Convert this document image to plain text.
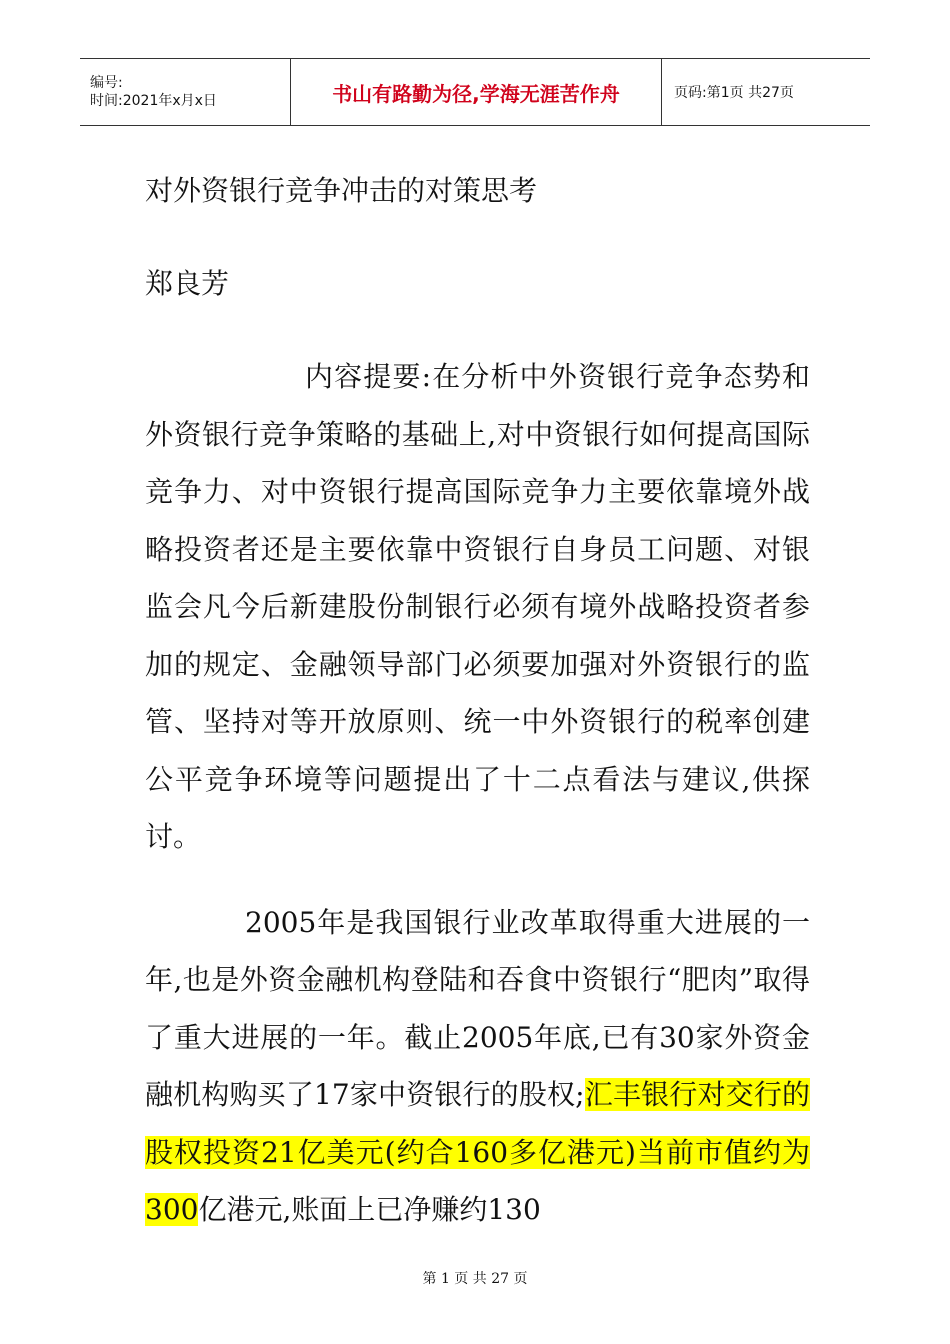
编号:
时间:2021年x月x日	书山有路勤为径,学海无涯苦作舟	页码:第1页 共27页
对外资银行竞争冲击的对策思考

郑良芳

内容提要:在分析中外资银行竞争态势和外资银行竞争策略的基础上,对中资银行如何提高国际竞争力、对中资银行提高国际竞争力主要依靠境外战略投资者还是主要依靠中资银行自身员工问题、对银监会凡今后新建股份制银行必须有境外战略投资者参加的规定、金融领导部门必须要加强对外资银行的监管、坚持对等开放原则、统一中外资银行的税率创建公平竞争环境等问题提出了十二点看法与建议,供探讨。

2005年是我国银行业改革取得重大进展的一年,也是外资金融机构登陆和吞食中资银行“肥肉”取得了重大进展的一年。截止2005年底,已有30家外资金融机构购买了17家中资银行的股权;汇丰银行对交行的股权投资21亿美元(约合160多亿港元)当前市值约为300亿港元,账面上已净赚约130

第 1 页 共 27 页
